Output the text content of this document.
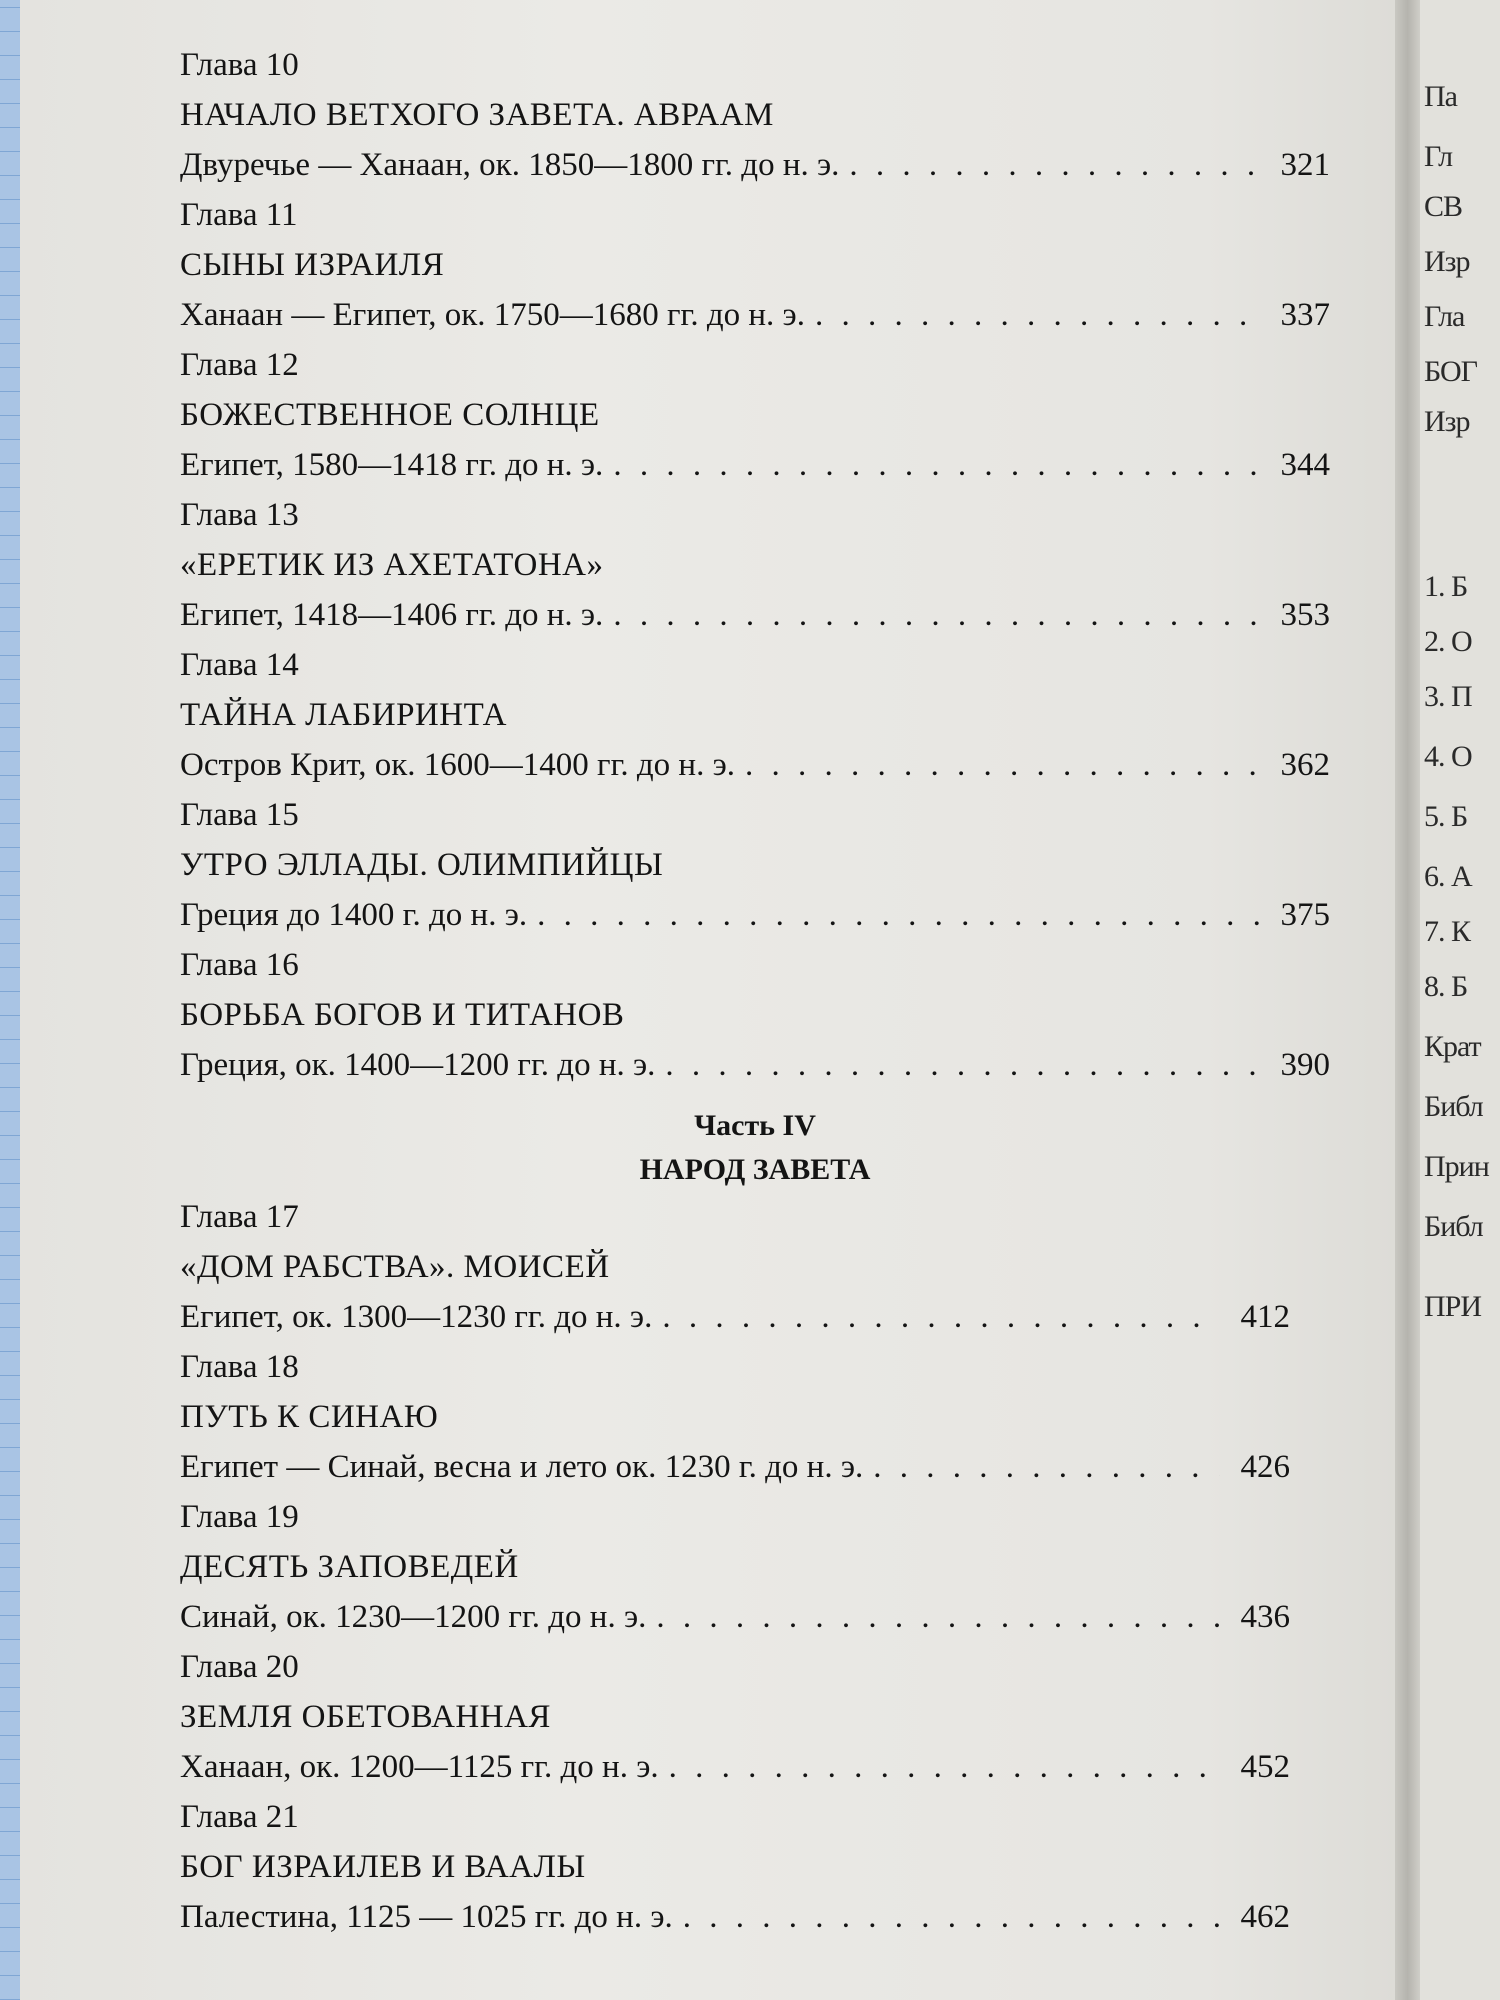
Глава 10
НАЧАЛО ВЕТХОГО ЗАВЕТА. АВРААМ
Двуречье — Ханаан, ок. 1850—1800 гг. до н. э. . . .	321
Глава 11
СЫНЫ ИЗРАИЛЯ
Ханаан — Египет, ок. 1750—1680 гг. до н. э. . . .	337
Глава 12
БОЖЕСТВЕННОЕ СОЛНЦЕ
Египет, 1580—1418 гг. до н. э. . . .	344
Глава 13
«ЕРЕТИК ИЗ АХЕТАТОНА»
Египет, 1418—1406 гг. до н. э. . . .	353
Глава 14
ТАЙНА ЛАБИРИНТА
Остров Крит, ок. 1600—1400 гг. до н. э. . . .	362
Глава 15
УТРО ЭЛЛАДЫ. ОЛИМПИЙЦЫ
Греция до 1400 г. до н. э. . . .	375
Глава 16
БОРЬБА БОГОВ И ТИТАНОВ
Греция, ок. 1400—1200 гг. до н. э. . . .	390
Часть IV
НАРОД ЗАВЕТА
Глава 17
«ДОМ РАБСТВА». МОИСЕЙ
Египет, ок. 1300—1230 гг. до н. э. . . .	412
Глава 18
ПУТЬ К СИНАЮ
Египет — Синай, весна и лето ок. 1230 г. до н. э. . . .	426
Глава 19
ДЕСЯТЬ ЗАПОВЕДЕЙ
Синай, ок. 1230—1200 гг. до н. э. . . .	436
Глава 20
ЗЕМЛЯ ОБЕТОВАННАЯ
Ханаан, ок. 1200—1125 гг. до н. э. . . .	452
Глава 21
БОГ ИЗРАИЛЕВ И ВААЛЫ
Палестина, 1125 — 1025 гг. до н. э. . . .	462
Па
Гл
СВ
Изр
Гла
БОГ
Изр
1. Б
2. О
3. П
4. О
5. Б
6. А
7. К
8. Б
Крат
Библ
Прин
Библ
ПРИ
